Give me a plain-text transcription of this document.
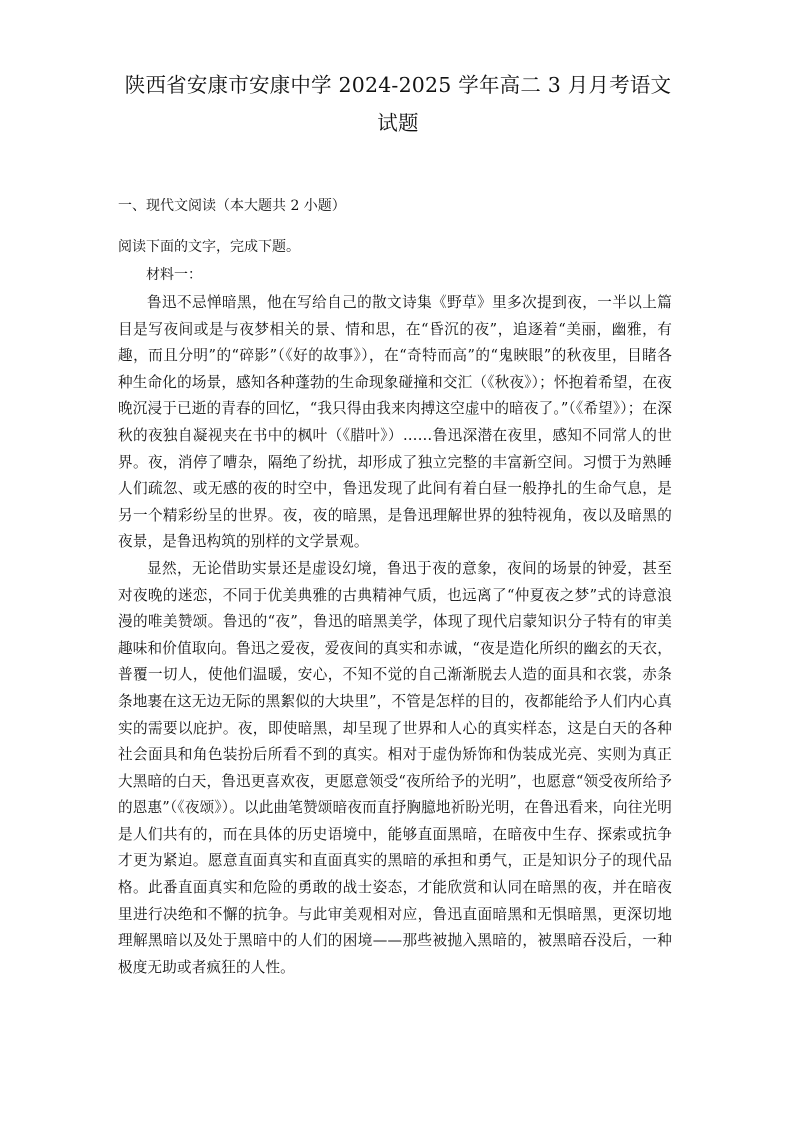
陕西省安康市安康中学 2024-2025 学年高二 3 月月考语文试题
一、现代文阅读（本大题共 2 小题）
阅读下面的文字，完成下题。
材料一：

鲁迅不忌惮暗黑，他在写给自己的散文诗集《野草》里多次提到夜，一半以上篇目是写夜间或是与夜梦相关的景、情和思，在“昏沉的夜”，追逐着“美丽，幽雅，有趣，而且分明”的“碎影”（《好的故事》），在“奇特而高”的“鬼䀹眼”的秋夜里，目睹各种生命化的场景，感知各种蓬勃的生命现象碰撞和交汇（《秋夜》）；怀抱着希望，在夜晚沉浸于已逝的青春的回忆，“我只得由我来肉搏这空虚中的暗夜了。”（《希望》）；在深秋的夜独自凝视夹在书中的枫叶（《腊叶》）……鲁迅深潜在夜里，感知不同常人的世界。夜，消停了嘈杂，隔绝了纷扰，却形成了独立完整的丰富新空间。习惯于为熟睡人们疏忽、或无感的夜的时空中，鲁迅发现了此间有着白昼一般挣扎的生命气息，是另一个精彩纷呈的世界。夜，夜的暗黑，是鲁迅理解世界的独特视角，夜以及暗黑的夜景，是鲁迅构筑的别样的文学景观。

显然，无论借助实景还是虚设幻境，鲁迅于夜的意象，夜间的场景的钟爱，甚至对夜晚的迷恋，不同于优美典雅的古典精神气质，也远离了“仲夏夜之梦”式的诗意浪漫的唯美赞颂。鲁迅的“夜”，鲁迅的暗黑美学，体现了现代启蒙知识分子特有的审美趣味和价值取向。鲁迅之爱夜，爱夜间的真实和赤诚，“夜是造化所织的幽玄的天衣，普覆一切人，使他们温暖，安心，不知不觉的自己渐渐脱去人造的面具和衣裳，赤条条地裹在这无边无际的黑絮似的大块里”，不管是怎样的目的，夜都能给予人们内心真实的需要以庇护。夜，即使暗黑，却呈现了世界和人心的真实样态，这是白天的各种社会面具和角色装扮后所看不到的真实。相对于虚伪矫饰和伪装成光亮、实则为真正大黑暗的白天，鲁迅更喜欢夜，更愿意领受“夜所给予的光明”，也愿意“领受夜所给予的恩惠”（《夜颂》）。以此曲笔赞颂暗夜而直抒胸臆地祈盼光明，在鲁迅看来，向往光明是人们共有的，而在具体的历史语境中，能够直面黑暗，在暗夜中生存、探索或抗争才更为紧迫。愿意直面真实和直面真实的黑暗的承担和勇气，正是知识分子的现代品格。此番直面真实和危险的勇敢的战士姿态，才能欣赏和认同在暗黑的夜，并在暗夜里进行决绝和不懈的抗争。与此审美观相对应，鲁迅直面暗黑和无惧暗黑，更深切地理解黑暗以及处于黑暗中的人们的困境——那些被抛入黑暗的，被黑暗吞没后，一种极度无助或者疯狂的人性。
